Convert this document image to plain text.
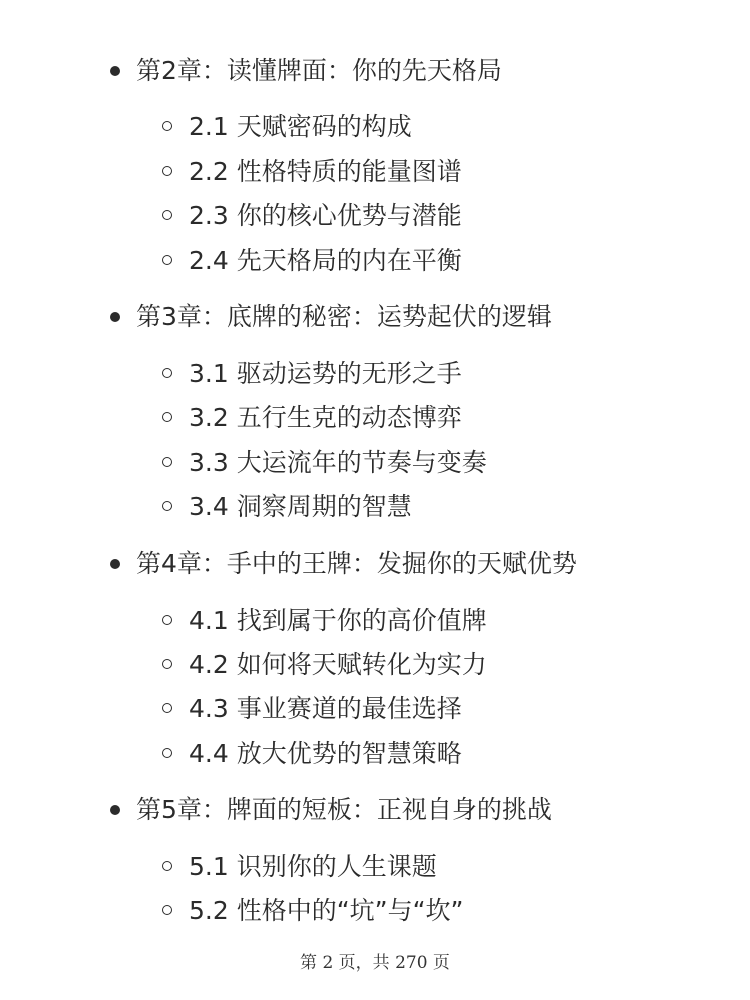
第2章：读懂牌面：你的先天格局
2.1 天赋密码的构成
2.2 性格特质的能量图谱
2.3 你的核心优势与潜能
2.4 先天格局的内在平衡
第3章：底牌的秘密：运势起伏的逻辑
3.1 驱动运势的无形之手
3.2 五行生克的动态博弈
3.3 大运流年的节奏与变奏
3.4 洞察周期的智慧
第4章：手中的王牌：发掘你的天赋优势
4.1 找到属于你的高价值牌
4.2 如何将天赋转化为实力
4.3 事业赛道的最佳选择
4.4 放大优势的智慧策略
第5章：牌面的短板：正视自身的挑战
5.1 识别你的人生课题
5.2 性格中的“坑”与“坎”
第 2 页，共 270 页
